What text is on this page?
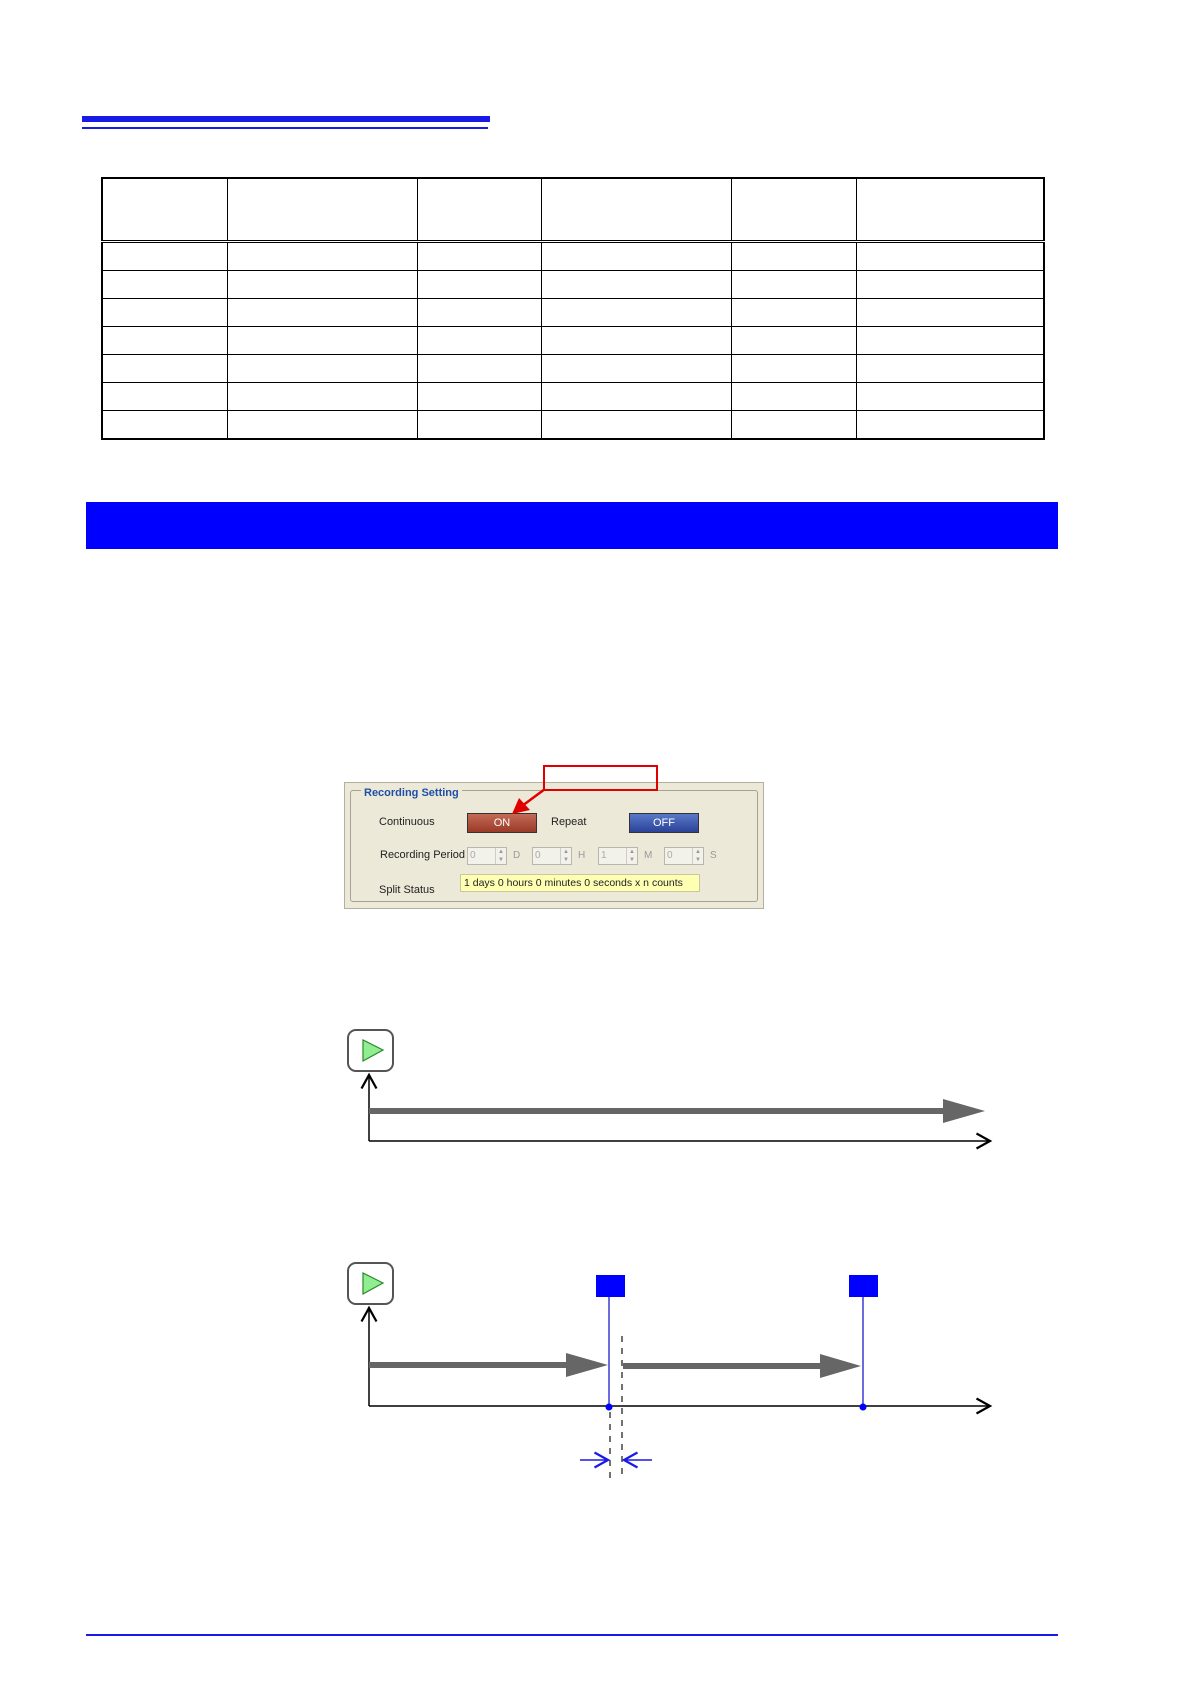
Recording Setting
Continuous	ON	Repeat	OFF
Recording Period 0	▲
▼ D	0	▲
▼ H	1	▲
▼ M	0	▲
▼ S
Split Status
1 days 0 hours 0 minutes 0 seconds x n counts
